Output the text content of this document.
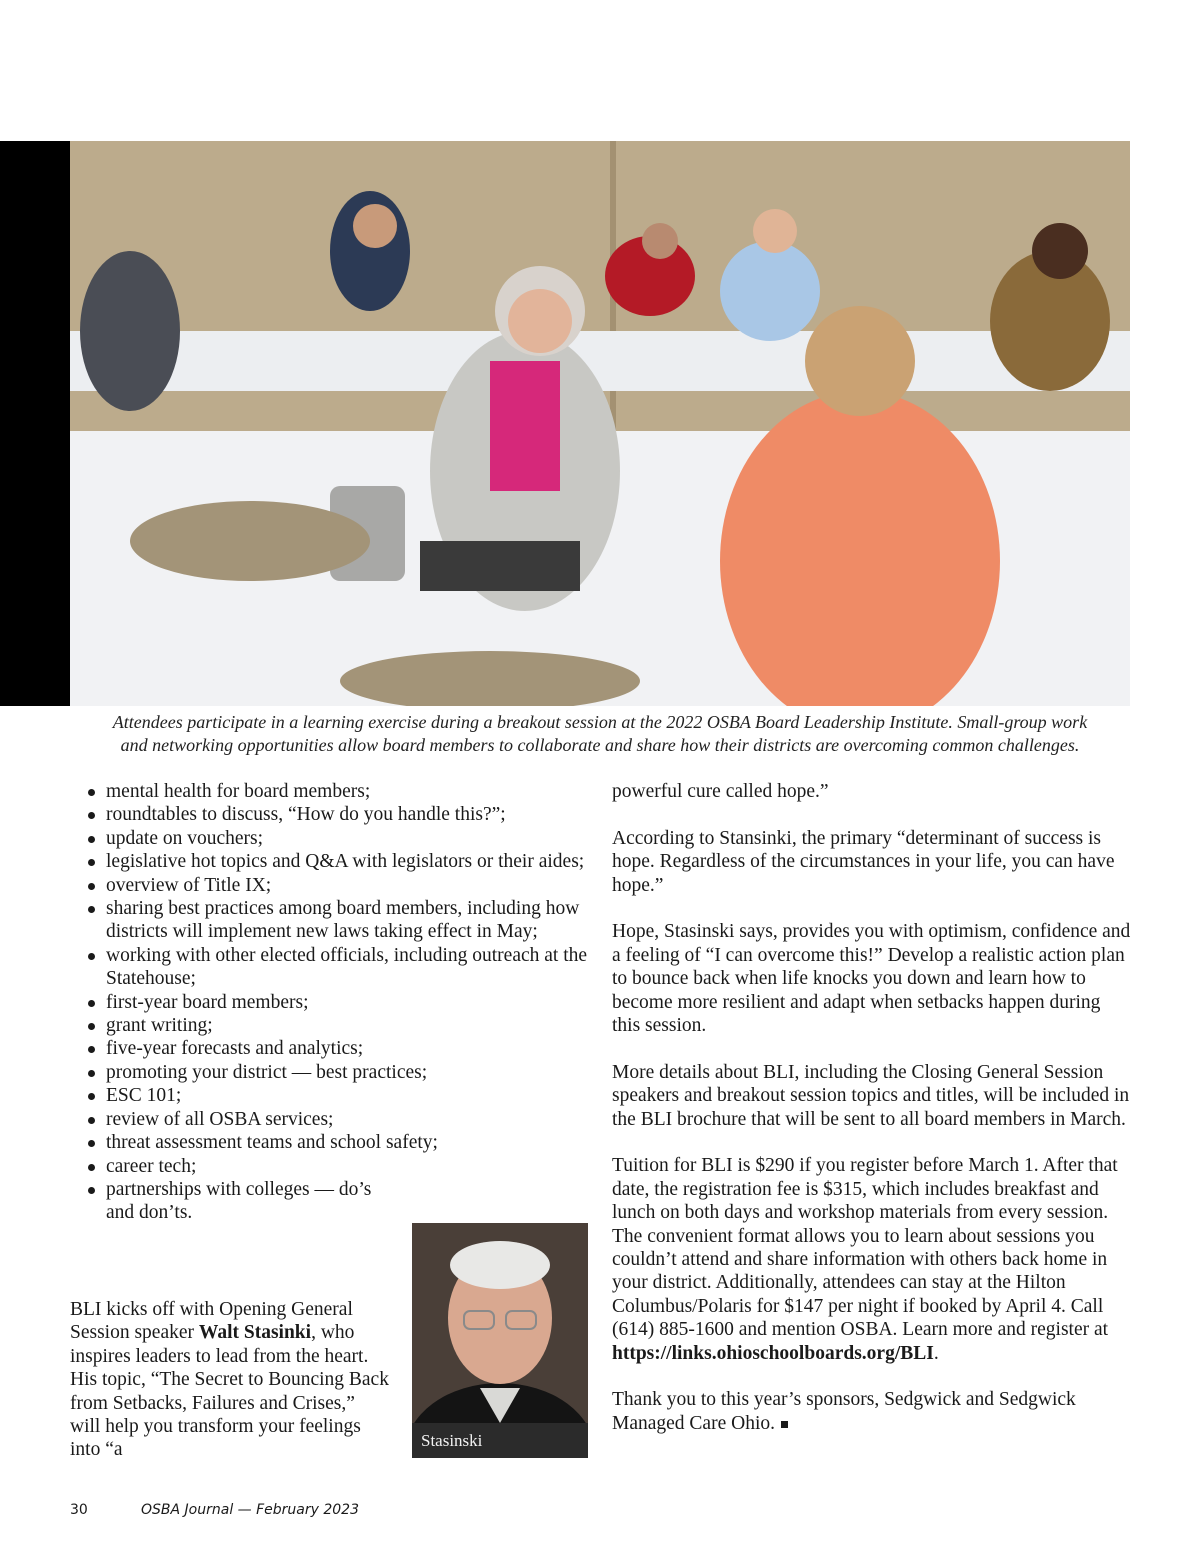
Attendees participate in a learning exercise during a breakout session at the 2022 OSBA Board Leadership Institute. Small-group work
and networking opportunities allow board members to collaborate and share how their districts are overcoming common challenges.
mental health for board members;
roundtables to discuss, “How do you handle this?”;
update on vouchers;
legislative hot topics and Q&A with legislators or their aides;
overview of Title IX;
sharing best practices among board members, including how districts will implement new laws taking effect in May;
working with other elected officials, including outreach at the Statehouse;
first-year board members;
grant writing;
five-year forecasts and analytics;
promoting your district — best practices;
ESC 101;
review of all OSBA services;
threat assessment teams and school safety;
career tech;
partnerships with colleges — do’s and don’ts.

BLI kicks off with Opening General Session speaker Walt Stasinki, who inspires leaders to lead from the heart. His topic, “The Secret to Bouncing Back from Setbacks, Failures and Crises,” will help you transform your feelings into “a	Stasinski

powerful cure called hope.”

According to Stansinki, the primary “determinant of success is hope. Regardless of the circumstances in your life, you can have hope.”

Hope, Stasinski says, provides you with optimism, confidence and a feeling of “I can overcome this!” Develop a realistic action plan to bounce back when life knocks you down and learn how to become more resilient and adapt when setbacks happen during this session.

More details about BLI, including the Closing General Session speakers and breakout session topics and titles, will be included in the BLI brochure that will be sent to all board members in March.

Tuition for BLI is $290 if you register before March 1. After that date, the registration fee is $315, which includes breakfast and lunch on both days and workshop materials from every session. The convenient format allows you to learn about sessions you couldn’t attend and share information with others back home in your district. Additionally, attendees can stay at the Hilton Columbus/Polaris for $147 per night if booked by April 4. Call (614) 885-1600 and mention OSBA. Learn more and register at https://links.ohioschoolboards.org/BLI.

Thank you to this year’s sponsors, Sedgwick and Sedgwick Managed Care Ohio.

30	OSBA Journal — February 2023
